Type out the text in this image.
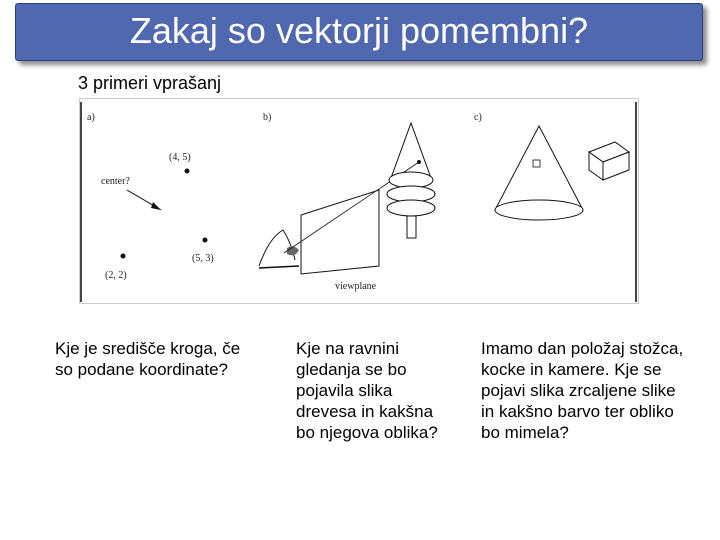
Zakaj so vektorji pomembni?
3 primeri vprašanj
a)	b)	c)
(4, 5)
center?
(5, 3)
(2, 2)
viewplane
Kje je središče kroga, če so podane koordinate?
Kje na ravnini gledanja se bo pojavila slika drevesa in kakšna bo njegova oblika?
Imamo dan položaj stožca, kocke in kamere. Kje se pojavi slika zrcaljene slike in kakšno barvo ter obliko bo mimela?
